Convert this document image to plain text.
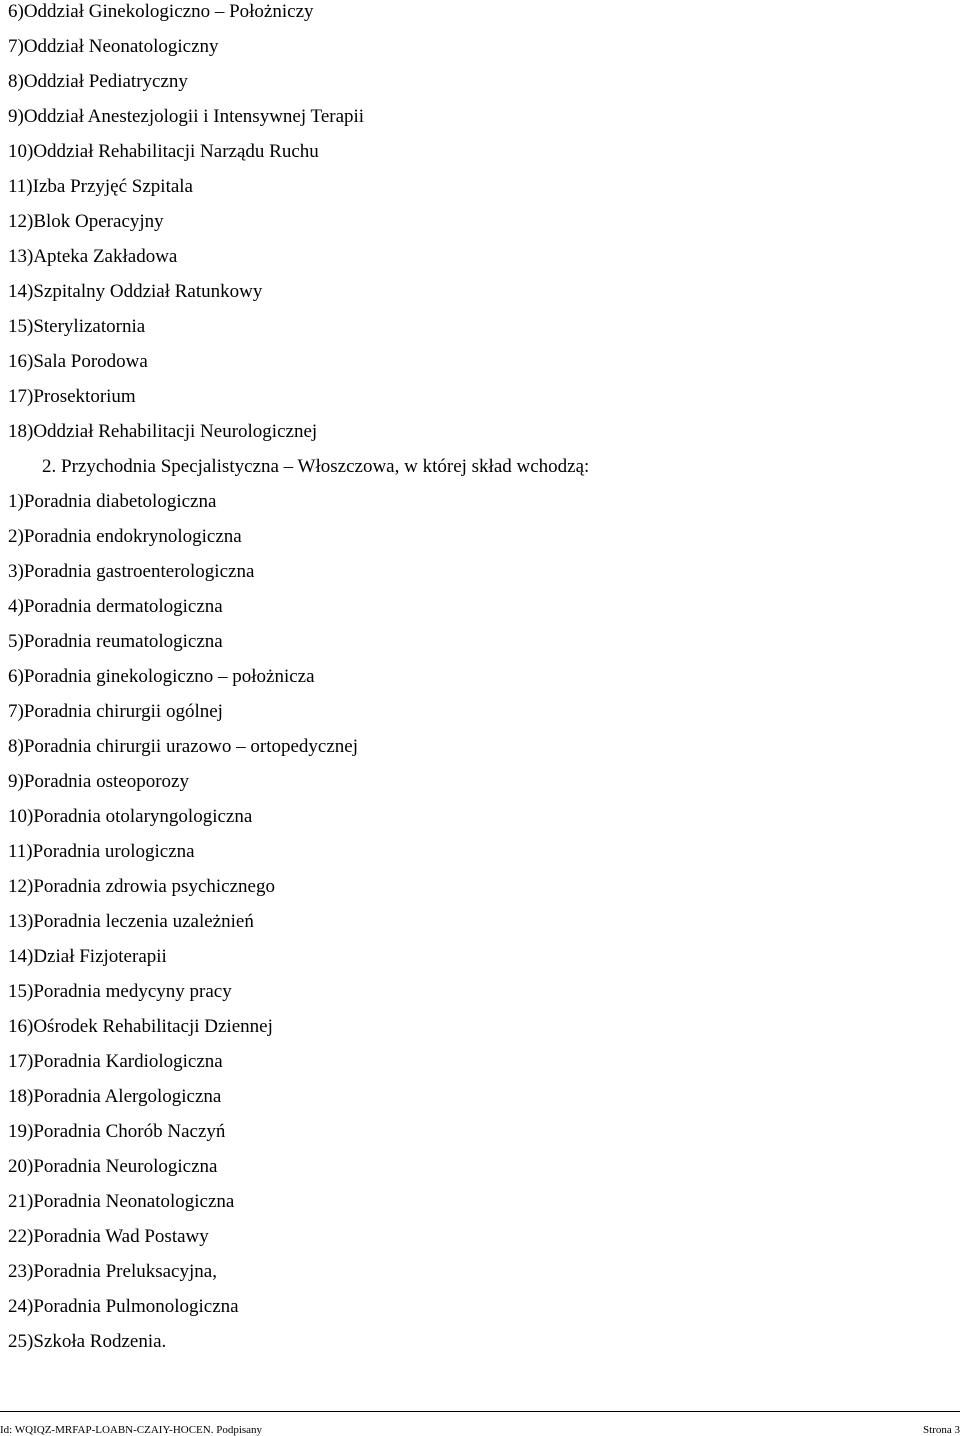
6)Oddział Ginekologiczno – Położniczy
7)Oddział Neonatologiczny
8)Oddział Pediatryczny
9)Oddział Anestezjologii i Intensywnej Terapii
10)Oddział Rehabilitacji Narządu Ruchu
11)Izba Przyjęć Szpitala
12)Blok Operacyjny
13)Apteka Zakładowa
14)Szpitalny Oddział Ratunkowy
15)Sterylizatornia
16)Sala Porodowa
17)Prosektorium
18)Oddział Rehabilitacji Neurologicznej
2. Przychodnia Specjalistyczna – Włoszczowa, w której skład wchodzą:
1)Poradnia diabetologiczna
2)Poradnia endokrynologiczna
3)Poradnia gastroenterologiczna
4)Poradnia dermatologiczna
5)Poradnia reumatologiczna
6)Poradnia ginekologiczno – położnicza
7)Poradnia chirurgii ogólnej
8)Poradnia chirurgii urazowo – ortopedycznej
9)Poradnia osteoporozy
10)Poradnia otolaryngologiczna
11)Poradnia urologiczna
12)Poradnia zdrowia psychicznego
13)Poradnia leczenia uzależnień
14)Dział Fizjoterapii
15)Poradnia medycyny pracy
16)Ośrodek Rehabilitacji Dziennej
17)Poradnia Kardiologiczna
18)Poradnia Alergologiczna
19)Poradnia Chorób Naczyń
20)Poradnia Neurologiczna
21)Poradnia Neonatologiczna
22)Poradnia Wad Postawy
23)Poradnia Preluksacyjna,
24)Poradnia Pulmonologiczna
25)Szkoła Rodzenia.
Id: WQIQZ-MRFAP-LOABN-CZAIY-HOCEN. Podpisany	Strona 3
